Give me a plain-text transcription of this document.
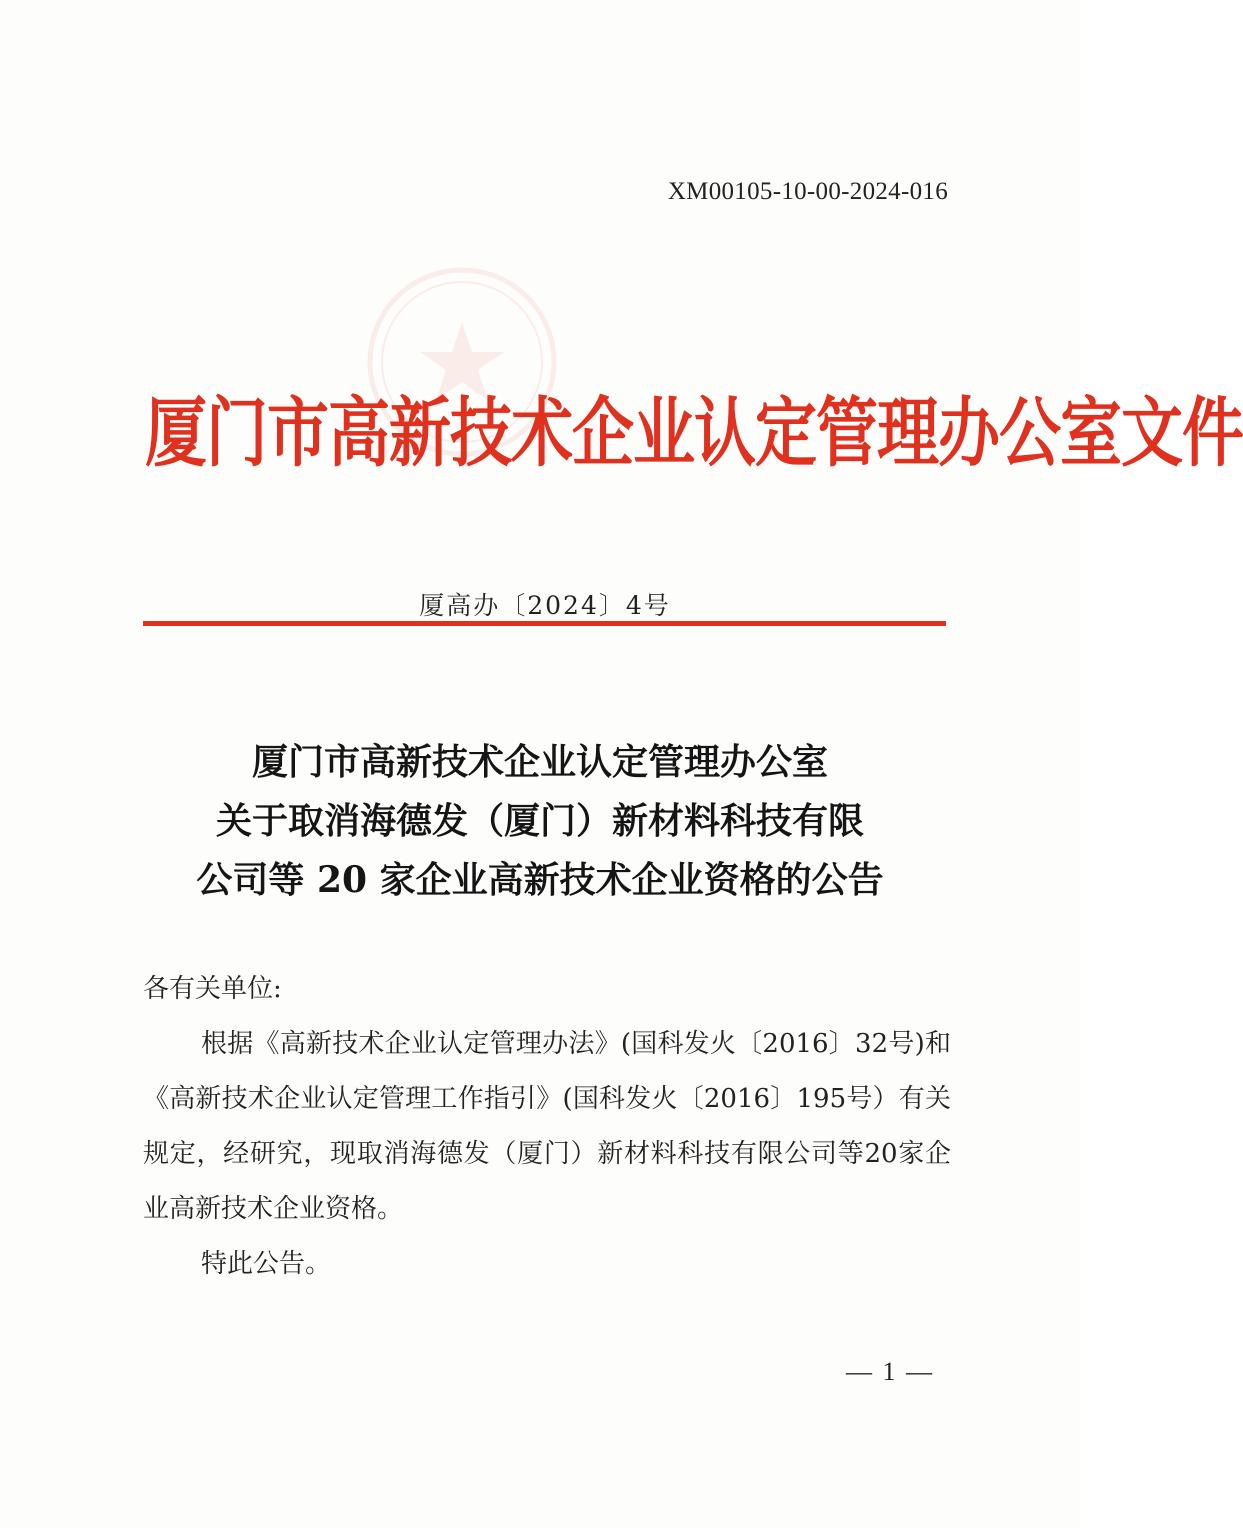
XM00105-10-00-2024-016
厦门市高新技术企业认定管理办公室文件
厦高办〔2024〕4号
厦门市高新技术企业认定管理办公室
关于取消海德发（厦门）新材料科技有限
公司等 20 家企业高新技术企业资格的公告

各有关单位:

根据《高新技术企业认定管理办法》(国科发火〔2016〕32号)和《高新技术企业认定管理工作指引》(国科发火〔2016〕195号）有关规定，经研究，现取消海德发（厦门）新材料科技有限公司等20家企业高新技术企业资格。

特此公告。

— 1 —
